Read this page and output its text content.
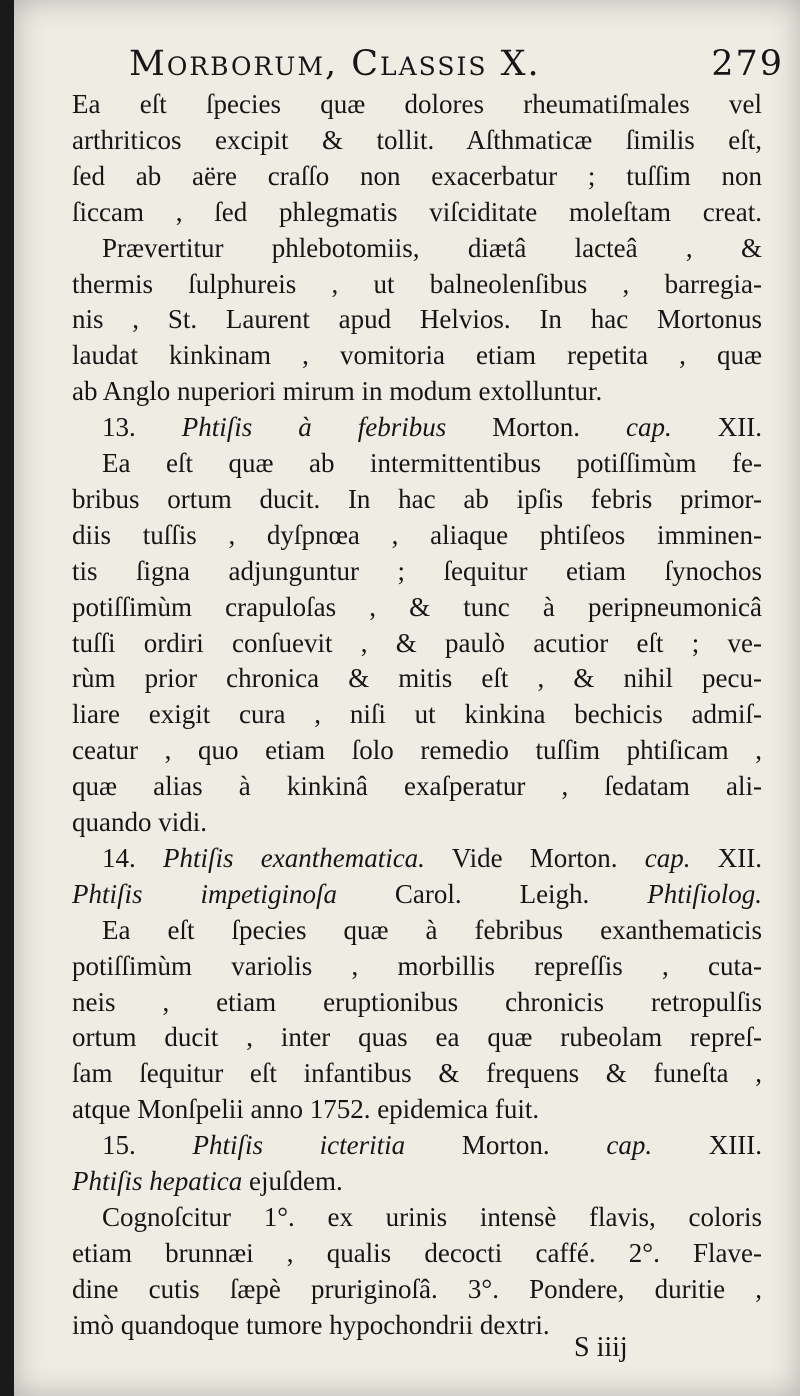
Morborum, Classis X.	279
Ea eſt ſpecies quæ dolores rheumatiſmales vel
arthriticos excipit & tollit. Aſthmaticæ ſimilis eſt,
ſed ab aëre craſſo non exacerbatur ; tuſſim non
ſiccam , ſed phlegmatis viſciditate moleſtam creat.
Prævertitur phlebotomiis, diætâ lacteâ , &
thermis ſulphureis , ut balneolenſibus , barregia-
nis , St. Laurent apud Helvios. In hac Mortonus
laudat kinkinam , vomitoria etiam repetita , quæ
ab Anglo nuperiori mirum in modum extolluntur.
13. Phtiſis à febribus Morton. cap. XII.
Ea eſt quæ ab intermittentibus potiſſimùm fe-
bribus ortum ducit. In hac ab ipſis febris primor-
diis tuſſis , dyſpnœa , aliaque phtiſeos imminen-
tis ſigna adjunguntur ; ſequitur etiam ſynochos
potiſſimùm crapuloſas , & tunc à peripneumonicâ
tuſſi ordiri conſuevit , & paulò acutior eſt ; ve-
rùm prior chronica & mitis eſt , & nihil pecu-
liare exigit cura , niſi ut kinkina bechicis admiſ-
ceatur , quo etiam ſolo remedio tuſſim phtiſicam ,
quæ alias à kinkinâ exaſperatur , ſedatam ali-
quando vidi.
14. Phtiſis exanthematica. Vide Morton. cap. XII.
Phtiſis impetiginoſa Carol. Leigh. Phtiſiolog.
Ea eſt ſpecies quæ à febribus exanthematicis
potiſſimùm variolis , morbillis repreſſis , cuta-
neis , etiam eruptionibus chronicis retropulſis
ortum ducit , inter quas ea quæ rubeolam repreſ-
ſam ſequitur eſt infantibus & frequens & funeſta ,
atque Monſpelii anno 1752. epidemica fuit.
15. Phtiſis icteritia Morton. cap. XIII.
Phtiſis hepatica ejuſdem.
Cognoſcitur 1°. ex urinis intensè flavis, coloris
etiam brunnæi , qualis decocti caffé. 2°. Flave-
dine cutis ſæpè pruriginoſâ. 3°. Pondere, duritie ,
imò quandoque tumore hypochondrii dextri.
S iiij
